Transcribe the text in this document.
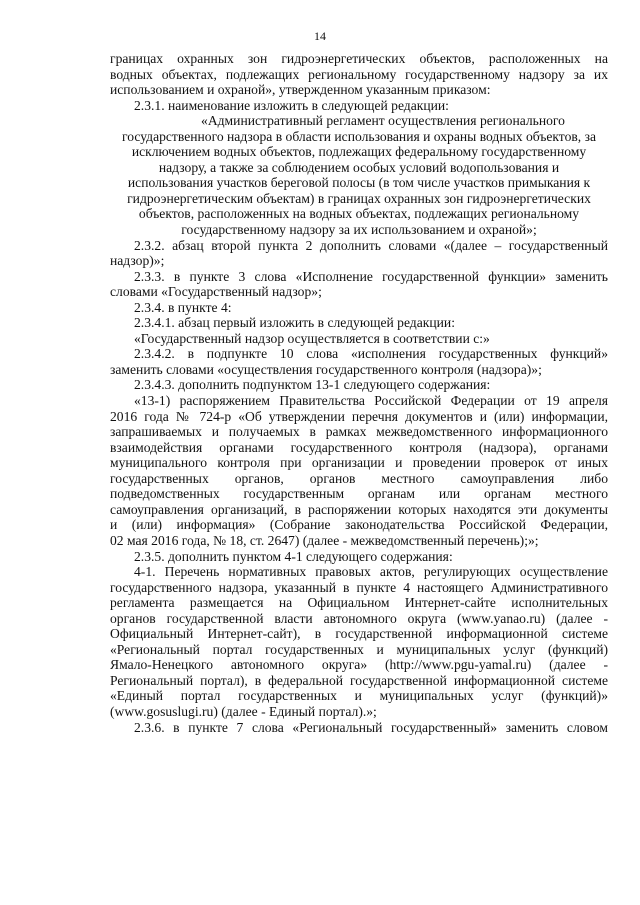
14

границах охранных зон гидроэнергетических объектов, расположенных на

водных объектах, подлежащих региональному государственному надзору за их

использованием и охраной», утвержденном указанным приказом:

2.3.1. наименование изложить в следующей редакции:

«Административный регламент осуществления регионального
государственного надзора в области использования и охраны водных объектов, за
исключением водных объектов, подлежащих федеральному государственному
надзору, а также за соблюдением особых условий водопользования и
использования участков береговой полосы (в том числе участков примыкания к
гидроэнергетическим объектам) в границах охранных зон гидроэнергетических
объектов, расположенных на водных объектах, подлежащих региональному
государственному надзору за их использованием и охраной»;

2.3.2. абзац второй пункта 2 дополнить словами «(далее – государственный

надзор)»;

2.3.3. в пункте 3 слова «Исполнение государственной функции» заменить

словами «Государственный надзор»;

2.3.4. в пункте 4:

2.3.4.1. абзац первый изложить в следующей редакции:

«Государственный надзор осуществляется в соответствии с:»

2.3.4.2. в подпункте 10 слова «исполнения государственных функций»

заменить словами «осуществления государственного контроля (надзора)»;

2.3.4.3. дополнить подпунктом 13-1 следующего содержания:

«13-1) распоряжением Правительства Российской Федерации от 19 апреля

2016 года № 724-р «Об утверждении перечня документов и (или) информации,

запрашиваемых и получаемых в рамках межведомственного информационного

взаимодействия органами государственного контроля (надзора), органами

муниципального контроля при организации и проведении проверок от иных

государственных органов, органов местного самоуправления либо

подведомственных государственным органам или органам местного

самоуправления организаций, в распоряжении которых находятся эти документы

и (или) информация» (Собрание законодательства Российской Федерации,

02 мая 2016 года, № 18, ст. 2647) (далее - межведомственный перечень);»;

2.3.5. дополнить пунктом 4-1 следующего содержания:

4-1. Перечень нормативных правовых актов, регулирующих осуществление

государственного надзора, указанный в пункте 4 настоящего Административного

регламента размещается на Официальном Интернет-сайте исполнительных

органов государственной власти автономного округа (www.yanao.ru) (далее -

Официальный Интернет-сайт), в государственной информационной системе

«Региональный портал государственных и муниципальных услуг (функций)

Ямало-Ненецкого автономного округа» (http://www.pgu-yamal.ru) (далее -

Региональный портал), в федеральной государственной информационной системе

«Единый портал государственных и муниципальных услуг (функций)»

(www.gosuslugi.ru) (далее - Единый портал).»;

2.3.6. в пункте 7 слова «Региональный государственный» заменить словом
